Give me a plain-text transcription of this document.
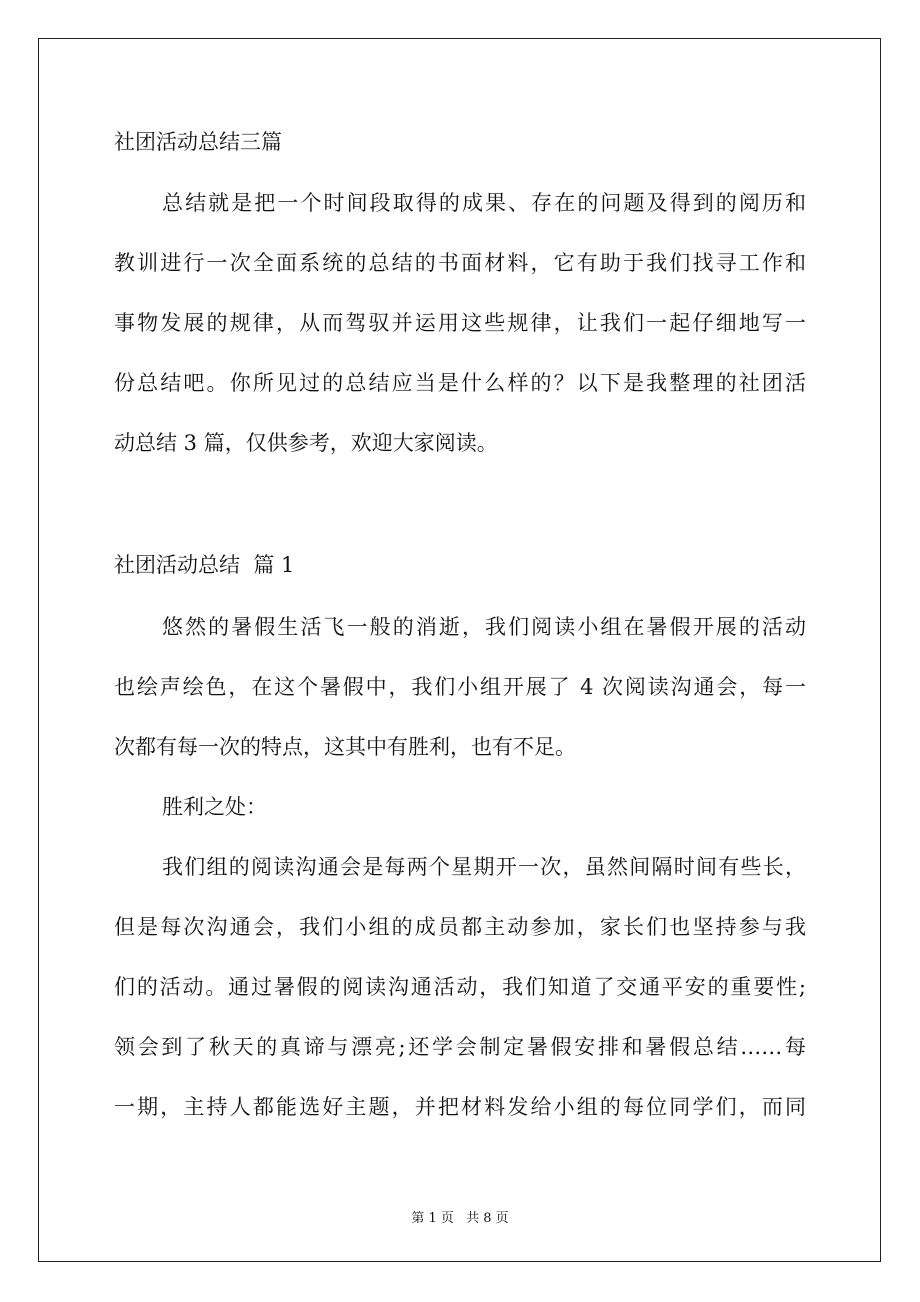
社团活动总结三篇
总结就是把一个时间段取得的成果、存在的问题及得到的阅历和
教训进行一次全面系统的总结的书面材料，它有助于我们找寻工作和
事物发展的规律，从而驾驭并运用这些规律，让我们一起仔细地写一
份总结吧。你所见过的总结应当是什么样的？以下是我整理的社团活
动总结 3 篇，仅供参考，欢迎大家阅读。
社团活动总结  篇 1
悠然的暑假生活飞一般的消逝，我们阅读小组在暑假开展的活动
也绘声绘色，在这个暑假中，我们小组开展了 4 次阅读沟通会，每一
次都有每一次的特点，这其中有胜利，也有不足。
胜利之处：
我们组的阅读沟通会是每两个星期开一次，虽然间隔时间有些长，
但是每次沟通会，我们小组的成员都主动参加，家长们也坚持参与我
们的活动。通过暑假的阅读沟通活动，我们知道了交通平安的重要性;
领会到了秋天的真谛与漂亮;还学会制定暑假安排和暑假总结……每
一期，主持人都能选好主题，并把材料发给小组的每位同学们，而同
第 1 页 共 8 页
